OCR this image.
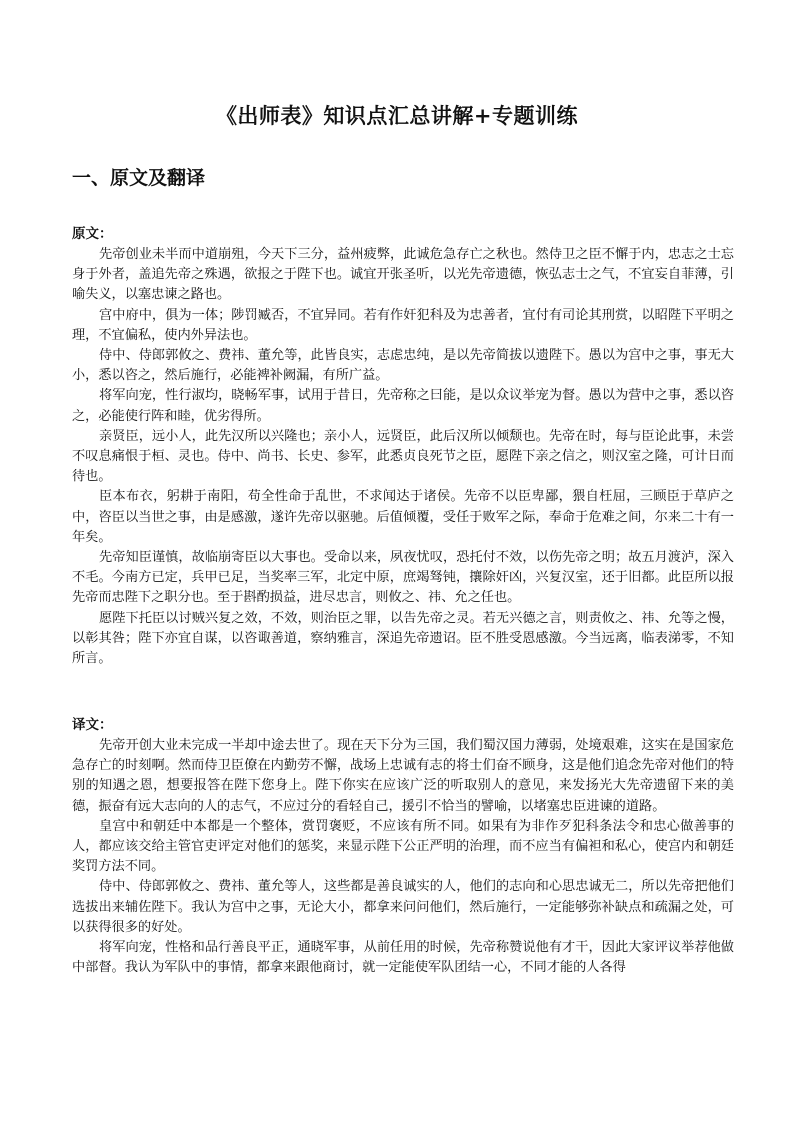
《出师表》知识点汇总讲解+专题训练
一、原文及翻译
原文：

先帝创业未半而中道崩殂，今天下三分，益州疲弊，此诚危急存亡之秋也。然侍卫之臣不懈于内，忠志之士忘身于外者，盖追先帝之殊遇，欲报之于陛下也。诚宜开张圣听，以光先帝遗德，恢弘志士之气，不宜妄自菲薄，引喻失义，以塞忠谏之路也。

宫中府中，俱为一体；陟罚臧否，不宜异同。若有作奸犯科及为忠善者，宜付有司论其刑赏，以昭陛下平明之理，不宜偏私，使内外异法也。

侍中、侍郎郭攸之、费祎、董允等，此皆良实，志虑忠纯，是以先帝简拔以遗陛下。愚以为宫中之事，事无大小，悉以咨之，然后施行，必能裨补阙漏，有所广益。

将军向宠，性行淑均，晓畅军事，试用于昔日，先帝称之曰能，是以众议举宠为督。愚以为营中之事，悉以咨之，必能使行阵和睦，优劣得所。

亲贤臣，远小人，此先汉所以兴隆也；亲小人，远贤臣，此后汉所以倾颓也。先帝在时，每与臣论此事，未尝不叹息痛恨于桓、灵也。侍中、尚书、长史、参军，此悉贞良死节之臣，愿陛下亲之信之，则汉室之隆，可计日而待也。

臣本布衣，躬耕于南阳，苟全性命于乱世，不求闻达于诸侯。先帝不以臣卑鄙，猥自枉屈，三顾臣于草庐之中，咨臣以当世之事，由是感激，遂许先帝以驱驰。后值倾覆，受任于败军之际，奉命于危难之间，尔来二十有一年矣。

先帝知臣谨慎，故临崩寄臣以大事也。受命以来，夙夜忧叹，恐托付不效，以伤先帝之明；故五月渡泸，深入不毛。今南方已定，兵甲已足，当奖率三军，北定中原，庶竭驽钝，攘除奸凶，兴复汉室，还于旧都。此臣所以报先帝而忠陛下之职分也。至于斟酌损益，进尽忠言，则攸之、祎、允之任也。

愿陛下托臣以讨贼兴复之效，不效，则治臣之罪，以告先帝之灵。若无兴德之言，则责攸之、祎、允等之慢，以彰其咎；陛下亦宜自谋，以咨诹善道，察纳雅言，深追先帝遗诏。臣不胜受恩感激。今当远离，临表涕零，不知所言。

译文：

先帝开创大业未完成一半却中途去世了。现在天下分为三国，我们蜀汉国力薄弱，处境艰难，这实在是国家危急存亡的时刻啊。然而侍卫臣僚在内勤劳不懈，战场上忠诚有志的将士们奋不顾身，这是他们追念先帝对他们的特别的知遇之恩，想要报答在陛下您身上。陛下你实在应该广泛的听取别人的意见，来发扬光大先帝遗留下来的美德，振奋有远大志向的人的志气，不应过分的看轻自己，援引不恰当的譬喻，以堵塞忠臣进谏的道路。

皇宫中和朝廷中本都是一个整体，赏罚褒贬，不应该有所不同。如果有为非作歹犯科条法令和忠心做善事的人，都应该交给主管官吏评定对他们的惩奖，来显示陛下公正严明的治理，而不应当有偏袒和私心，使宫内和朝廷奖罚方法不同。

侍中、侍郎郭攸之、费祎、董允等人，这些都是善良诚实的人，他们的志向和心思忠诚无二，所以先帝把他们选拔出来辅佐陛下。我认为宫中之事，无论大小，都拿来问问他们，然后施行，一定能够弥补缺点和疏漏之处，可以获得很多的好处。

将军向宠，性格和品行善良平正，通晓军事，从前任用的时候，先帝称赞说他有才干，因此大家评议举荐他做中部督。我认为军队中的事情，都拿来跟他商讨，就一定能使军队团结一心，不同才能的人各得
